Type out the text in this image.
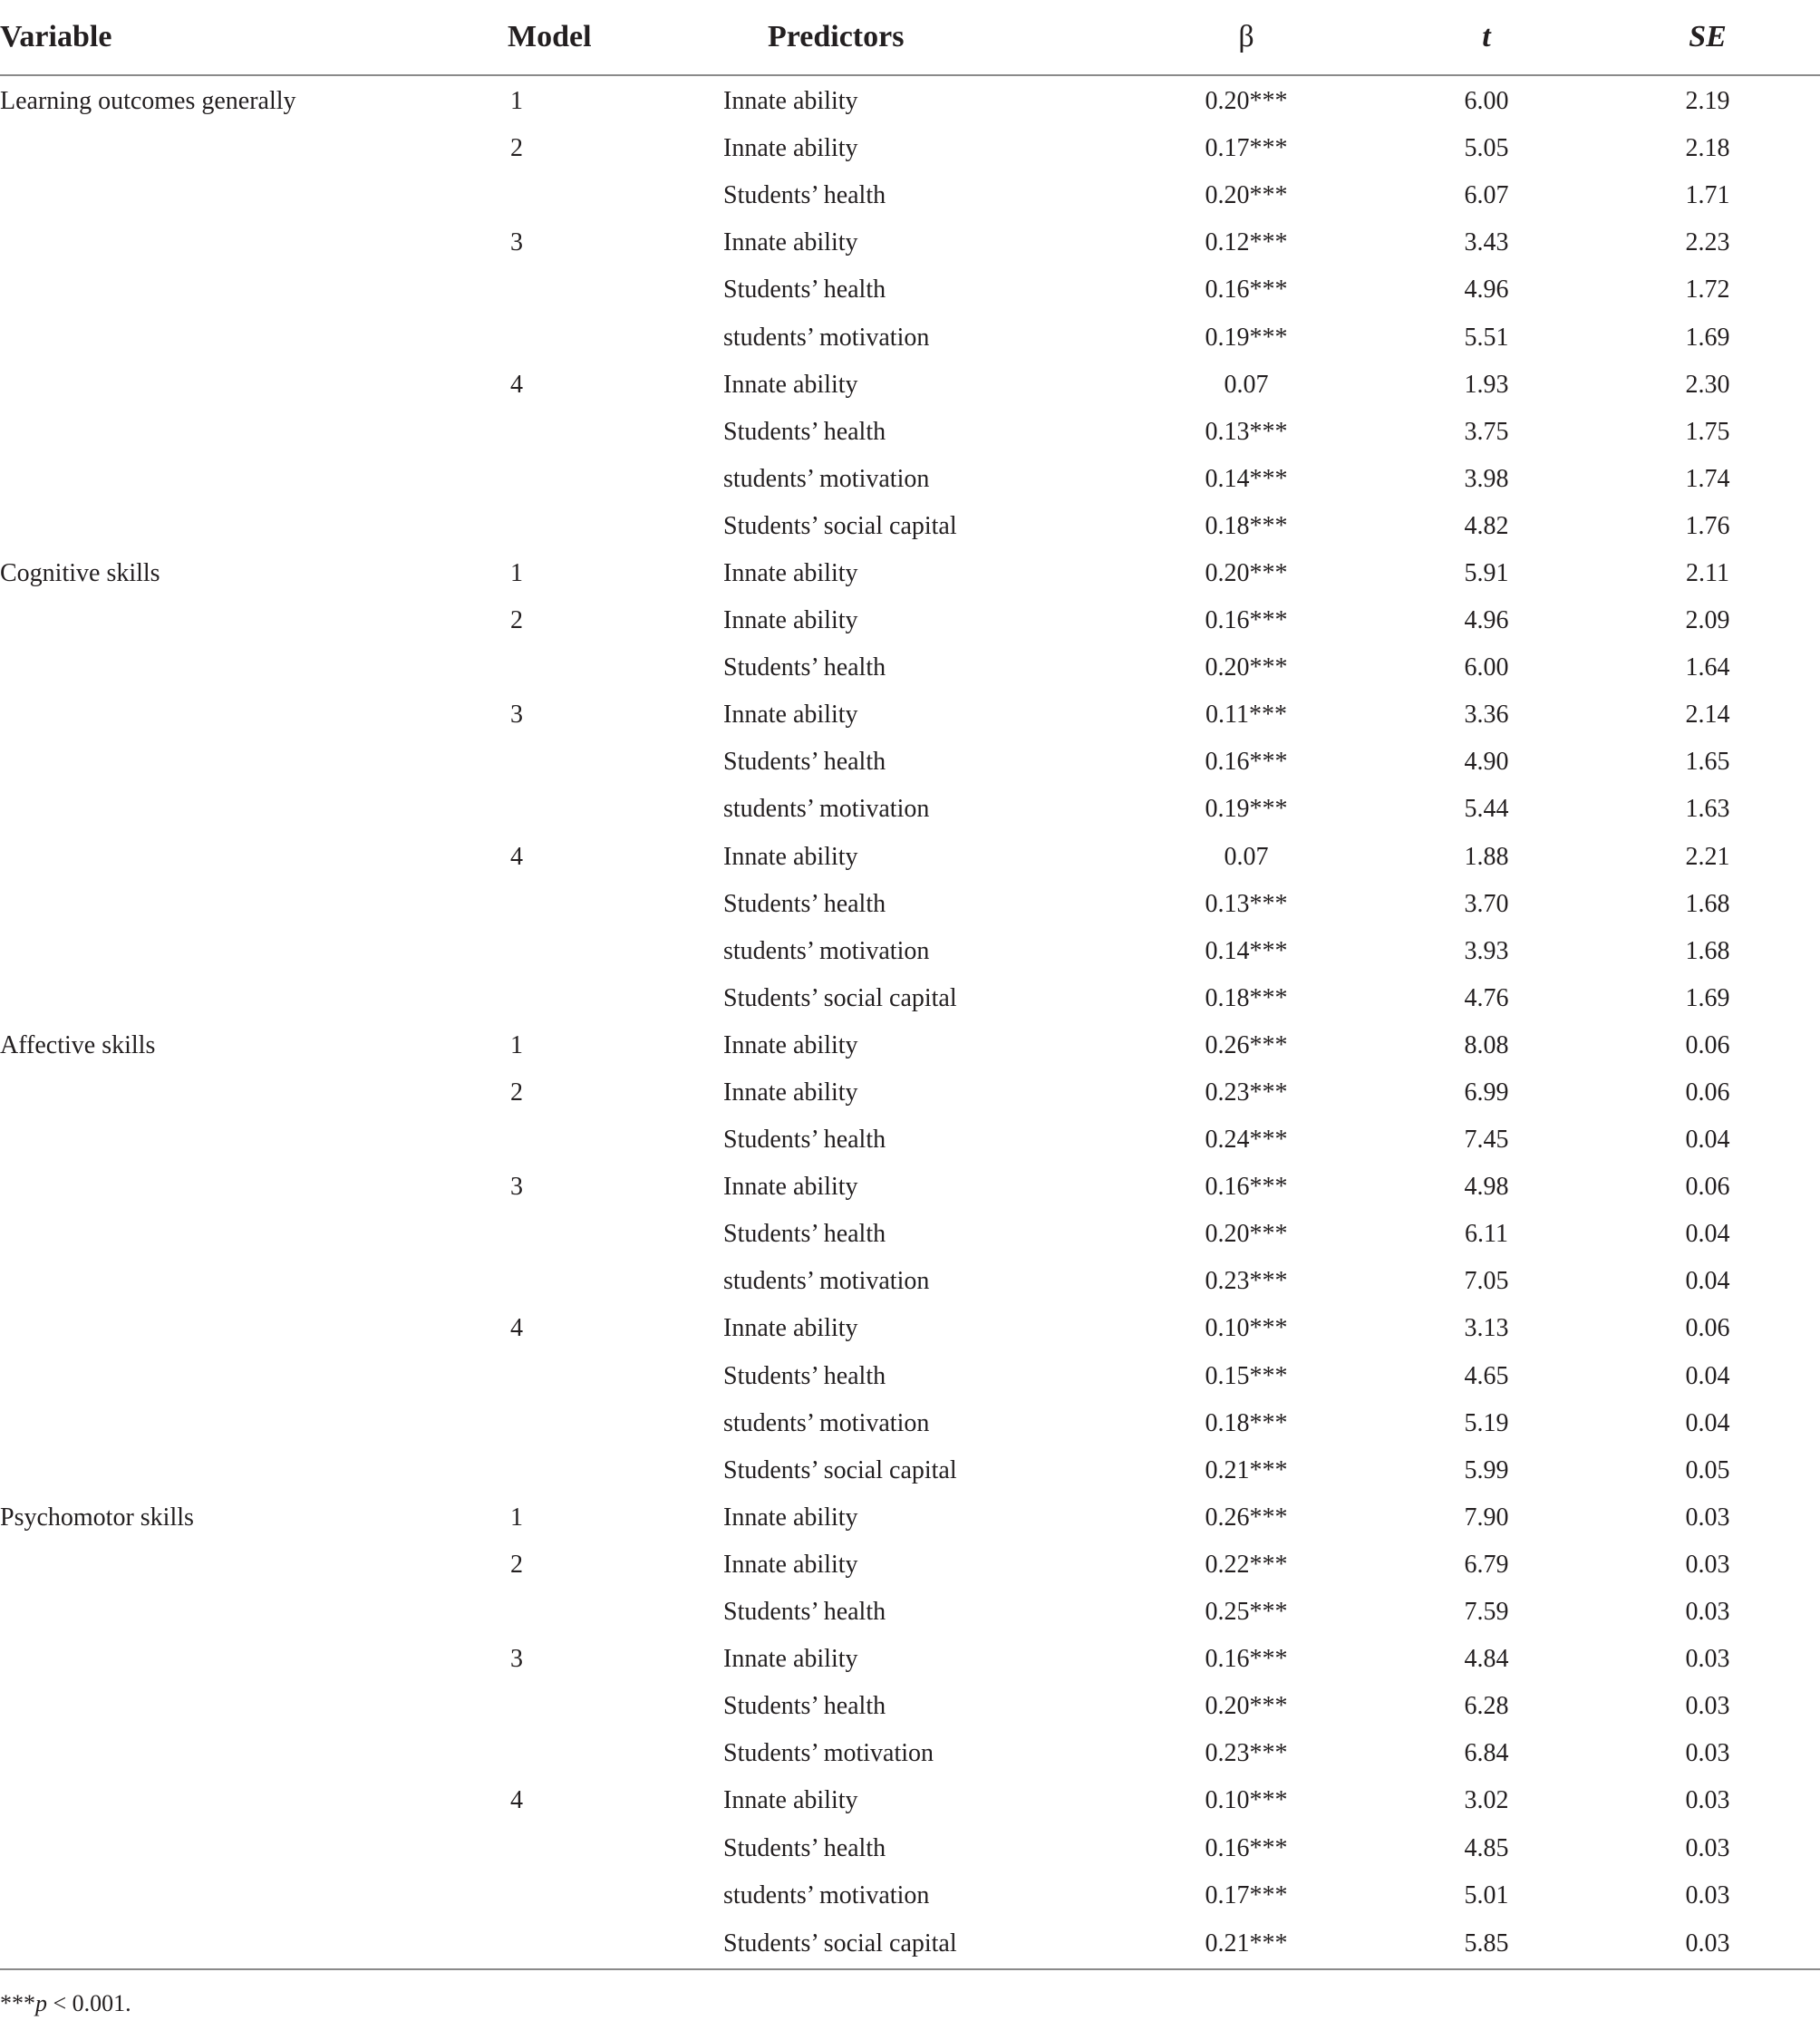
Variable	Model	Predictors	β	t	SE
Learning outcomes generally	1	Innate ability	0.20***	6.00	2.19
	2	Innate ability	0.17***	5.05	2.18
		Students’ health	0.20***	6.07	1.71
	3	Innate ability	0.12***	3.43	2.23
		Students’ health	0.16***	4.96	1.72
		students’ motivation	0.19***	5.51	1.69
	4	Innate ability	0.07	1.93	2.30
		Students’ health	0.13***	3.75	1.75
		students’ motivation	0.14***	3.98	1.74
		Students’ social capital	0.18***	4.82	1.76
Cognitive skills	1	Innate ability	0.20***	5.91	2.11
	2	Innate ability	0.16***	4.96	2.09
		Students’ health	0.20***	6.00	1.64
	3	Innate ability	0.11***	3.36	2.14
		Students’ health	0.16***	4.90	1.65
		students’ motivation	0.19***	5.44	1.63
	4	Innate ability	0.07	1.88	2.21
		Students’ health	0.13***	3.70	1.68
		students’ motivation	0.14***	3.93	1.68
		Students’ social capital	0.18***	4.76	1.69
Affective skills	1	Innate ability	0.26***	8.08	0.06
	2	Innate ability	0.23***	6.99	0.06
		Students’ health	0.24***	7.45	0.04
	3	Innate ability	0.16***	4.98	0.06
		Students’ health	0.20***	6.11	0.04
		students’ motivation	0.23***	7.05	0.04
	4	Innate ability	0.10***	3.13	0.06
		Students’ health	0.15***	4.65	0.04
		students’ motivation	0.18***	5.19	0.04
		Students’ social capital	0.21***	5.99	0.05
Psychomotor skills	1	Innate ability	0.26***	7.90	0.03
	2	Innate ability	0.22***	6.79	0.03
		Students’ health	0.25***	7.59	0.03
	3	Innate ability	0.16***	4.84	0.03
		Students’ health	0.20***	6.28	0.03
		Students’ motivation	0.23***	6.84	0.03
	4	Innate ability	0.10***	3.02	0.03
		Students’ health	0.16***	4.85	0.03
		students’ motivation	0.17***	5.01	0.03
		Students’ social capital	0.21***	5.85	0.03
***p < 0.001.
